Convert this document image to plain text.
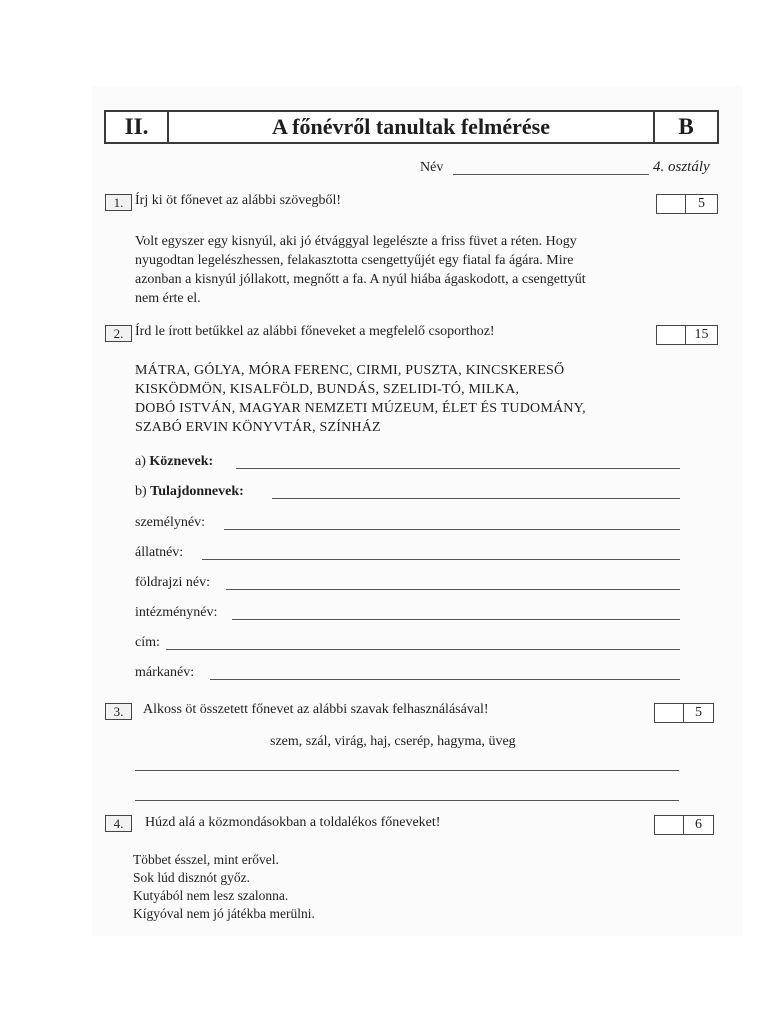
II.	A főnévről tanultak felmérése	B
Név	4. osztály
1. Írj ki öt főnevet az alábbi szövegből!	5
Volt egyszer egy kisnyúl, aki jó étvággyal legelészte a friss füvet a réten. Hogy
nyugodtan legelészhessen, felakasztotta csengettyűjét egy fiatal fa ágára. Mire
azonban a kisnyúl jóllakott, megnőtt a fa. A nyúl hiába ágaskodott, a csengettyűt
nem érte el.
2. Írd le írott betűkkel az alábbi főneveket a megfelelő csoporthoz!	15
MÁTRA, GÓLYA, MÓRA FERENC, CIRMI, PUSZTA, KINCSKERESŐ
KISKÖDMÖN, KISALFÖLD, BUNDÁS, SZELIDI-TÓ, MILKA,
DOBÓ ISTVÁN, MAGYAR NEMZETI MÚZEUM, ÉLET ÉS TUDOMÁNY,
SZABÓ ERVIN KÖNYVTÁR, SZÍNHÁZ
a) Köznevek:
b) Tulajdonnevek:
személynév:
állatnév:
földrajzi név:
intézménynév:
cím:
márkanév:
3.	Alkoss öt összetett főnevet az alábbi szavak felhasználásával!	5
szem, szál, virág, haj, cserép, hagyma, üveg
4.	Húzd alá a közmondásokban a toldalékos főneveket!	6
Többet ésszel, mint erővel.
Sok lúd disznót győz.
Kutyából nem lesz szalonna.
Kígyóval nem jó játékba merülni.
